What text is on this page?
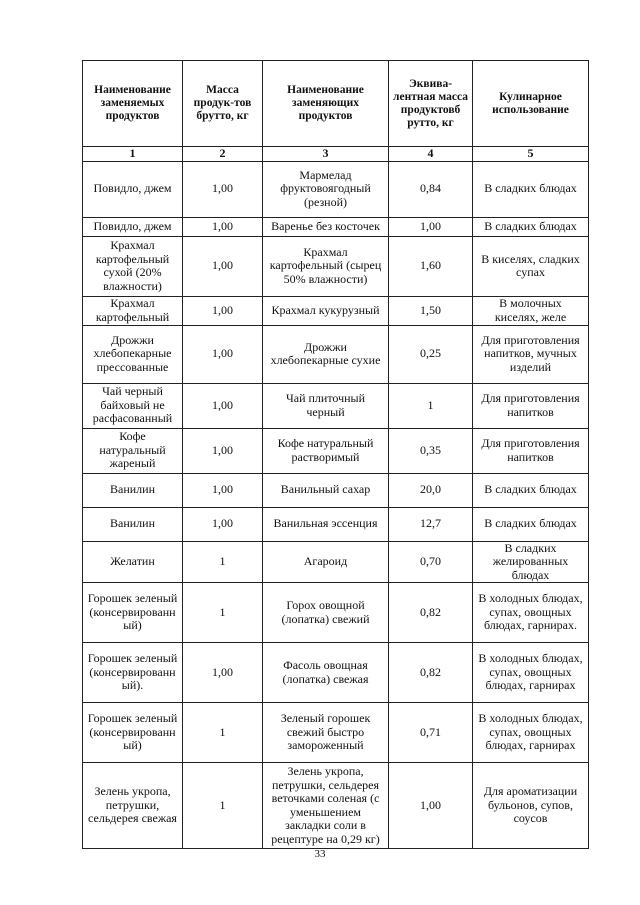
Наименование заменяемых продуктов	Масса продук-тов брутто, кг	Наименование заменяющих продуктов	Эквива-лентная масса продуктовб рутто, кг	Кулинарное использование
1	2	3	4	5
Повидло, джем	1,00	Мармелад фруктовоягодный (резной)	0,84	В сладких блюдах
Повидло, джем	1,00	Варенье без косточек	1,00	В сладких блюдах
Крахмал картофельный сухой (20% влажности)	1,00	Крахмал картофельный (сырец 50% влажности)	1,60	В киселях, сладких супах
Крахмал картофельный	1,00	Крахмал кукурузный	1,50	В молочных киселях, желе
Дрожжи хлебопекарные прессованные	1,00	Дрожжи хлебопекарные сухие	0,25	Для приготовления напитков, мучных изделий
Чай черный байховый не расфасованный	1,00	Чай плиточный черный	1	Для приготовления напитков
Кофе натуральный жареный	1,00	Кофе натуральный растворимый	0,35	Для приготовления напитков
Ванилин	1,00	Ванильный сахар	20,0	В сладких блюдах
Ванилин	1,00	Ванильная эссенция	12,7	В сладких блюдах
Желатин	1	Агароид	0,70	В сладких желированных блюдах
Горошек зеленый (консервированн ый)	1	Горох овощной (лопатка) свежий	0,82	В холодных блюдах, супах, овощных блюдах, гарнирах.
Горошек зеленый (консервированн ый).	1,00	Фасоль овощная (лопатка) свежая	0,82	В холодных блюдах, супах, овощных блюдах, гарнирах
Горошек зеленый (консервированн ый)	1	Зеленый горошек свежий быстро замороженный	0,71	В холодных блюдах, супах, овощных блюдах, гарнирах
Зелень укропа, петрушки, сельдерея свежая	1	Зелень укропа, петрушки, сельдерея веточками соленая (с уменьшением закладки соли в рецептуре на 0,29 кг)	1,00	Для ароматизации бульонов, супов, соусов
33
